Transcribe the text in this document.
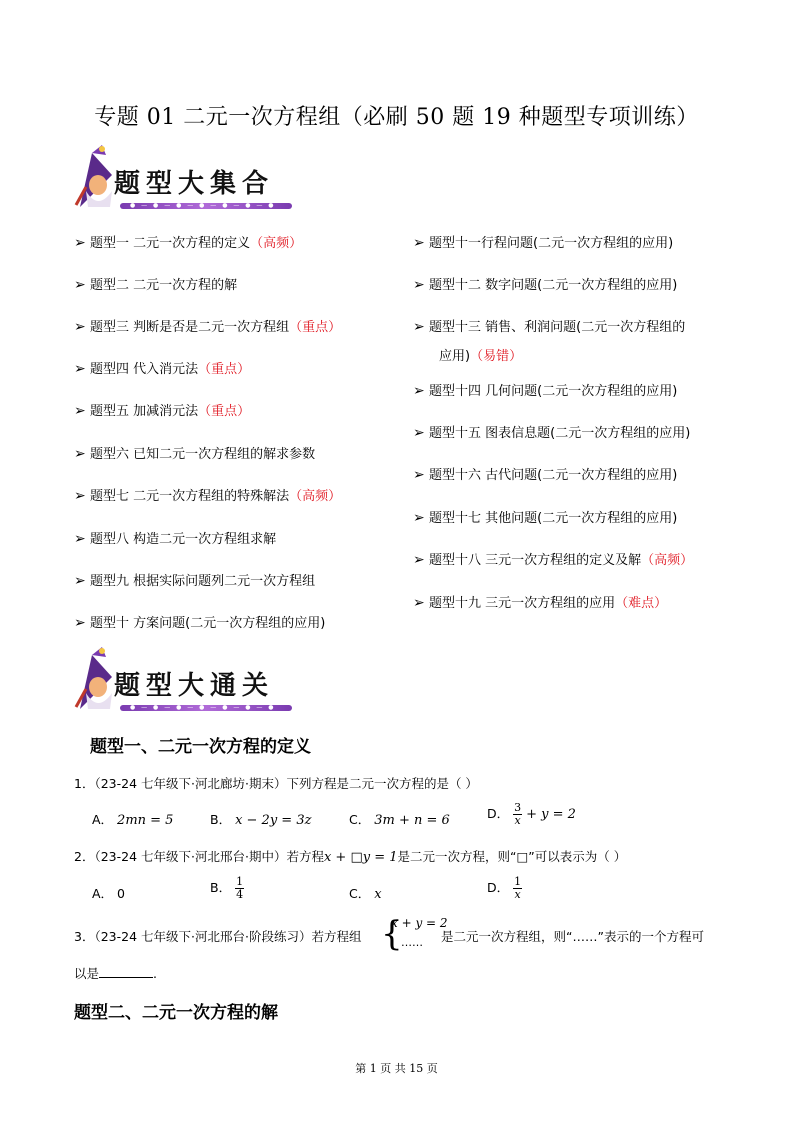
专题 01 二元一次方程组（必刷 50 题 19 种题型专项训练）
题型大集合
● — ● — ● — ● — ● — ● — ●
➢ 题型一 二元一次方程的定义（高频）
➢ 题型二 二元一次方程的解
➢ 题型三 判断是否是二元一次方程组（重点）
➢ 题型四 代入消元法（重点）
➢ 题型五 加减消元法（重点）
➢ 题型六 已知二元一次方程组的解求参数
➢ 题型七 二元一次方程组的特殊解法（高频）
➢ 题型八 构造二元一次方程组求解
➢ 题型九 根据实际问题列二元一次方程组
➢ 题型十 方案问题(二元一次方程组的应用)
➢ 题型十一行程问题(二元一次方程组的应用)
➢ 题型十二 数字问题(二元一次方程组的应用)
➢ 题型十三 销售、利润问题(二元一次方程组的
应用)（易错）
➢ 题型十四 几何问题(二元一次方程组的应用)
➢ 题型十五 图表信息题(二元一次方程组的应用)
➢ 题型十六 古代问题(二元一次方程组的应用)
➢ 题型十七 其他问题(二元一次方程组的应用)
➢ 题型十八 三元一次方程组的定义及解（高频）
➢ 题型十九 三元一次方程组的应用（难点）
题型大通关
● — ● — ● — ● — ● — ● — ●
题型一、二元一次方程的定义
1．（23-24 七年级下·河北廊坊·期末）下列方程是二元一次方程的是（ ）
A． 2mn = 5	B． x − 2y = 3z	C． 3m + n = 6	D． $\frac{3}{x} + y = 2$
2．（23-24 七年级下·河北邢台·期中）若方程x + □y = 1是二元一次方程，则“□”可以表示为（ ）
A． 0	B． $\frac{1}{4}$	C． x	D． $\frac{1}{x}$
3．（23-24 七年级下·河北邢台·阶段练习）若方程组 {
x + y = 2
…… 是二元一次方程组，则“……”表示的一个方程可
以是	.
题型二、二元一次方程的解
第 1 页 共 15 页
